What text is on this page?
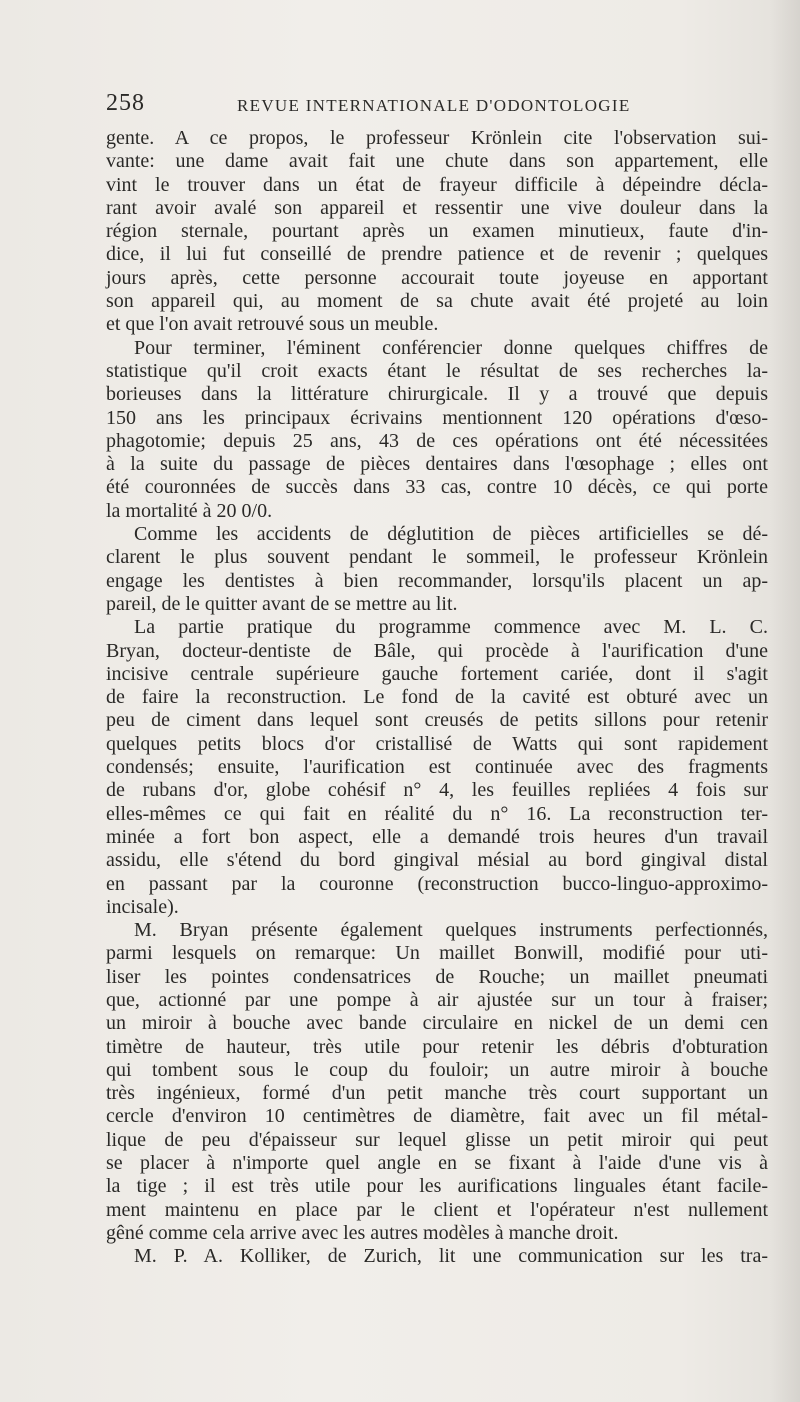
258	REVUE INTERNATIONALE D'ODONTOLOGIE
gente. A ce propos, le professeur Krönlein cite l'observation sui-
vante: une dame avait fait une chute dans son appartement, elle
vint le trouver dans un état de frayeur difficile à dépeindre décla-
rant avoir avalé son appareil et ressentir une vive douleur dans la
région sternale, pourtant après un examen minutieux, faute d'in-
dice, il lui fut conseillé de prendre patience et de revenir ; quelques
jours après, cette personne accourait toute joyeuse en apportant
son appareil qui, au moment de sa chute avait été projeté au loin
et que l'on avait retrouvé sous un meuble.
Pour terminer, l'éminent conférencier donne quelques chiffres de
statistique qu'il croit exacts étant le résultat de ses recherches la-
borieuses dans la littérature chirurgicale. Il y a trouvé que depuis
150 ans les principaux écrivains mentionnent 120 opérations d'œso-
phagotomie; depuis 25 ans, 43 de ces opérations ont été nécessitées
à la suite du passage de pièces dentaires dans l'œsophage ; elles ont
été couronnées de succès dans 33 cas, contre 10 décès, ce qui porte
la mortalité à 20 0/0.
Comme les accidents de déglutition de pièces artificielles se dé-
clarent le plus souvent pendant le sommeil, le professeur Krönlein
engage les dentistes à bien recommander, lorsqu'ils placent un ap-
pareil, de le quitter avant de se mettre au lit.
La partie pratique du programme commence avec M. L. C.
Bryan, docteur-dentiste de Bâle, qui procède à l'aurification d'une
incisive centrale supérieure gauche fortement cariée, dont il s'agit
de faire la reconstruction. Le fond de la cavité est obturé avec un
peu de ciment dans lequel sont creusés de petits sillons pour retenir
quelques petits blocs d'or cristallisé de Watts qui sont rapidement
condensés; ensuite, l'aurification est continuée avec des fragments
de rubans d'or, globe cohésif n° 4, les feuilles repliées 4 fois sur
elles-mêmes ce qui fait en réalité du n° 16. La reconstruction ter-
minée a fort bon aspect, elle a demandé trois heures d'un travail
assidu, elle s'étend du bord gingival mésial au bord gingival distal
en passant par la couronne (reconstruction bucco-linguo-approximo-
incisale).
M. Bryan présente également quelques instruments perfectionnés,
parmi lesquels on remarque: Un maillet Bonwill, modifié pour uti-
liser les pointes condensatrices de Rouche; un maillet pneumati
que, actionné par une pompe à air ajustée sur un tour à fraiser;
un miroir à bouche avec bande circulaire en nickel de un demi cen
timètre de hauteur, très utile pour retenir les débris d'obturation
qui tombent sous le coup du fouloir; un autre miroir à bouche
très ingénieux, formé d'un petit manche très court supportant un
cercle d'environ 10 centimètres de diamètre, fait avec un fil métal-
lique de peu d'épaisseur sur lequel glisse un petit miroir qui peut
se placer à n'importe quel angle en se fixant à l'aide d'une vis à
la tige ; il est très utile pour les aurifications linguales étant facile-
ment maintenu en place par le client et l'opérateur n'est nullement
gêné comme cela arrive avec les autres modèles à manche droit.
M. P. A. Kolliker, de Zurich, lit une communication sur les tra-
